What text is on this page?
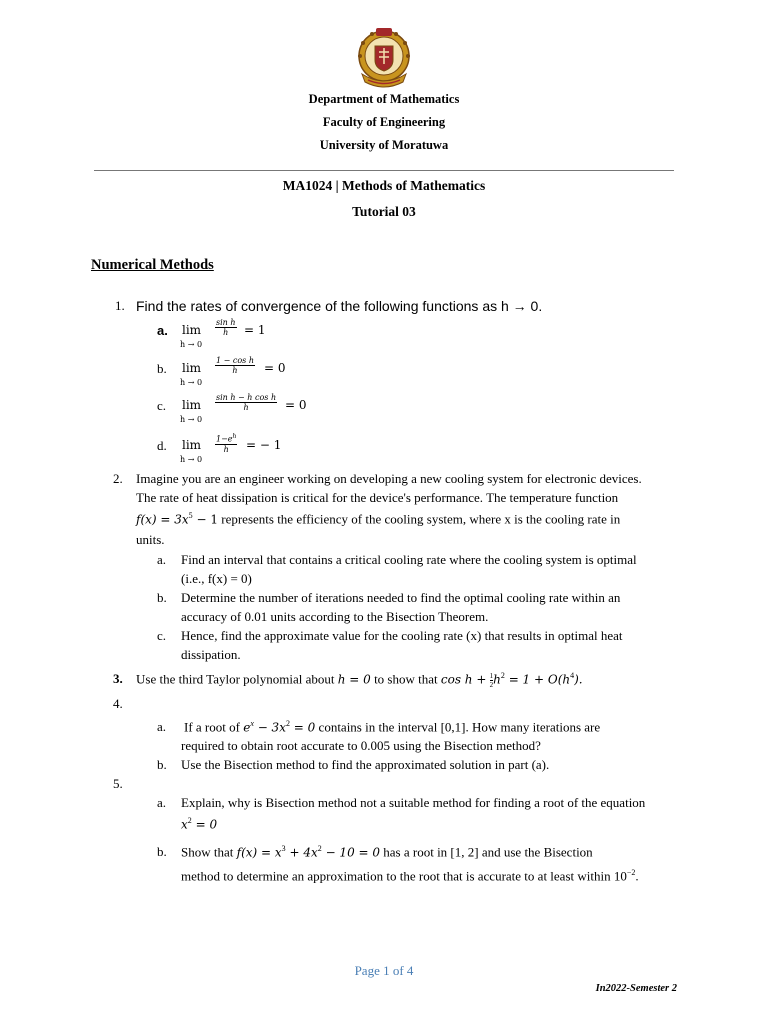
Department of Mathematics
Faculty of Engineering
University of Moratuwa
MA1024 | Methods of Mathematics
Tutorial 03
Numerical Methods
1. Find the rates of convergence of the following functions as h → 0.
a. lim
h → 0
$\frac{\text{sin h}}{h} = 1$
b. lim
h → 0
$\frac{\text{1 − cos h}}{h} = 0$
c. lim
h → 0
$\frac{\text{sin h − h cos h}}{h} = 0$
d. lim
h → 0
$\frac{1-e^h}{h}$ = − 1
2. Imagine you are an engineer working on developing a new cooling system for electronic devices.
The rate of heat dissipation is critical for the device's performance. The temperature function
$f(x) = 3x^5 - 1$ represents the efficiency of the cooling system, where x is the cooling rate in
units.
a. Find an interval that contains a critical cooling rate where the cooling system is optimal
(i.e., f(x) = 0)
b. Determine the number of iterations needed to find the optimal cooling rate within an
accuracy of 0.01 units according to the Bisection Theorem.
c. Hence, find the approximate value for the cooling rate (x) that results in optimal heat
dissipation.
3. Use the third Taylor polynomial about h = 0 to show that $\cos h + \frac{1}{2} h^2 = 1 + O(h^4)$.
4.
a. If a root of $e^x - 3x^2 = 0$ contains in the interval [0,1]. How many iterations are
required to obtain root accurate to 0.005 using the Bisection method?
b. Use the Bisection method to find the approximated solution in part (a).
5.
a. Explain, why is Bisection method not a suitable method for finding a root of the equation
$x^2 = 0$
b. Show that $f(x) = x^3 + 4x^2 - 10 = 0$ has a root in [1, 2] and use the Bisection
method to determine an approximation to the root that is accurate to at least within $10^{-2}$.
Page 1 of 4
In2022-Semester 2
